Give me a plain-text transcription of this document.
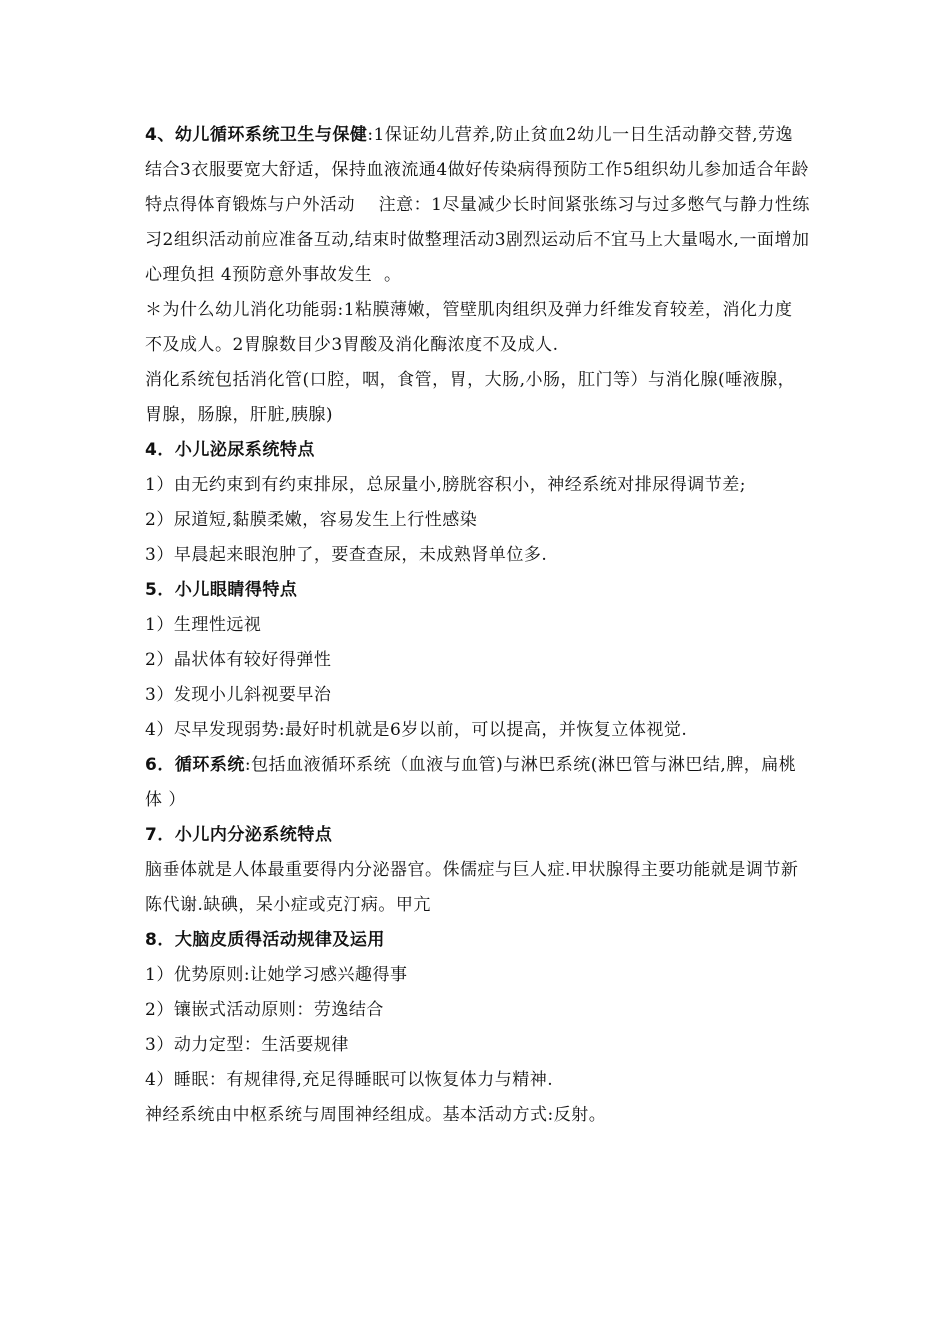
4、幼儿循环系统卫生与保健:1保证幼儿营养,防止贫血2幼儿一日生活动静交替,劳逸结合3衣服要宽大舒适，保持血液流通4做好传染病得预防工作5组织幼儿参加适合年龄特点得体育锻炼与户外活动    注意：1尽量减少长时间紧张练习与过多憋气与静力性练习2组织活动前应准备互动,结束时做整理活动3剧烈运动后不宜马上大量喝水,一面增加心理负担 4预防意外事故发生  。

＊为什么幼儿消化功能弱:1粘膜薄嫩，管壁肌肉组织及弹力纤维发育较差，消化力度不及成人。2胃腺数目少3胃酸及消化酶浓度不及成人.

消化系统包括消化管(口腔，咽，食管，胃，大肠,小肠，肛门等）与消化腺(唾液腺，胃腺，肠腺，肝脏,胰腺)

4．小儿泌尿系统特点

1）由无约束到有约束排尿，总尿量小,膀胱容积小，神经系统对排尿得调节差;

2）尿道短,黏膜柔嫩，容易发生上行性感染

3）早晨起来眼泡肿了，要查查尿，未成熟肾单位多.

5．小儿眼睛得特点

1）生理性远视

2）晶状体有较好得弹性

3）发现小儿斜视要早治

4）尽早发现弱势:最好时机就是6岁以前，可以提高，并恢复立体视觉.

6．循环系统:包括血液循环系统（血液与血管)与淋巴系统(淋巴管与淋巴结,脾，扁桃体 ）

7．小儿内分泌系统特点

脑垂体就是人体最重要得内分泌器官。侏儒症与巨人症.甲状腺得主要功能就是调节新陈代谢.缺碘，呆小症或克汀病。甲亢

8．大脑皮质得活动规律及运用

1）优势原则:让她学习感兴趣得事

2）镶嵌式活动原则：劳逸结合

3）动力定型：生活要规律

4）睡眠：有规律得,充足得睡眠可以恢复体力与精神.

神经系统由中枢系统与周围神经组成。基本活动方式:反射。
